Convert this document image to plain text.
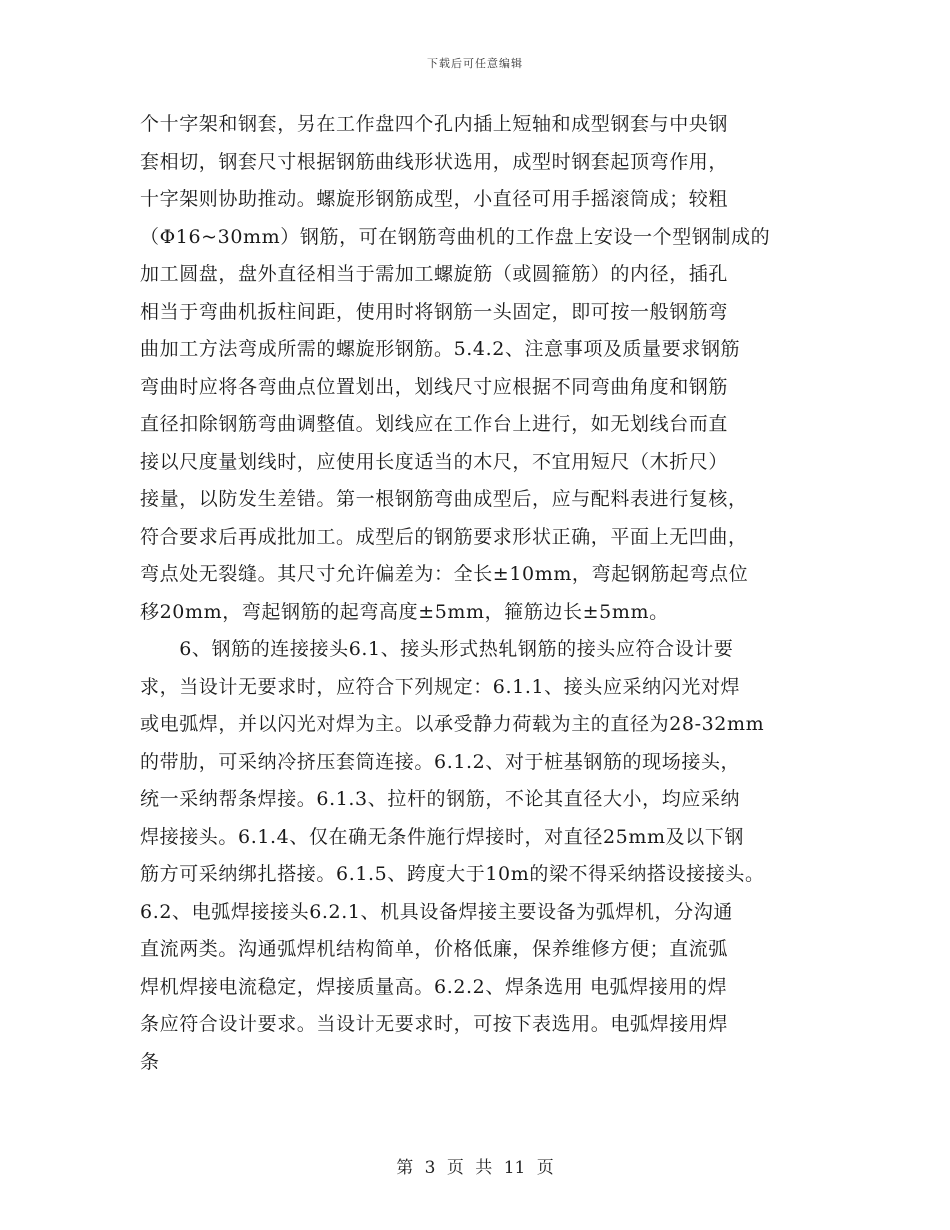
下载后可任意编辑
个十字架和钢套，另在工作盘四个孔内插上短轴和成型钢套与中央钢
套相切，钢套尺寸根据钢筋曲线形状选用，成型时钢套起顶弯作用，
十字架则协助推动。螺旋形钢筋成型，小直径可用手摇滚筒成；较粗
（Φ16~30mm）钢筋，可在钢筋弯曲机的工作盘上安设一个型钢制成的
加工圆盘，盘外直径相当于需加工螺旋筋（或圆箍筋）的内径，插孔
相当于弯曲机扳柱间距，使用时将钢筋一头固定，即可按一般钢筋弯
曲加工方法弯成所需的螺旋形钢筋。5.4.2、注意事项及质量要求钢筋
弯曲时应将各弯曲点位置划出，划线尺寸应根据不同弯曲角度和钢筋
直径扣除钢筋弯曲调整值。划线应在工作台上进行，如无划线台而直
接以尺度量划线时，应使用长度适当的木尺，不宜用短尺（木折尺）
接量，以防发生差错。第一根钢筋弯曲成型后，应与配料表进行复核，
符合要求后再成批加工。成型后的钢筋要求形状正确，平面上无凹曲，
弯点处无裂缝。其尺寸允许偏差为：全长±10mm，弯起钢筋起弯点位
移20mm，弯起钢筋的起弯高度±5mm，箍筋边长±5mm。
　　6、钢筋的连接接头6.1、接头形式热轧钢筋的接头应符合设计要
求，当设计无要求时，应符合下列规定：6.1.1、接头应采纳闪光对焊
或电弧焊，并以闪光对焊为主。以承受静力荷载为主的直径为28-32mm
的带肋，可采纳冷挤压套筒连接。6.1.2、对于桩基钢筋的现场接头，
统一采纳帮条焊接。6.1.3、拉杆的钢筋，不论其直径大小，均应采纳
焊接接头。6.1.4、仅在确无条件施行焊接时，对直径25mm及以下钢
筋方可采纳绑扎搭接。6.1.5、跨度大于10m的梁不得采纳搭设接接头。
6.2、电弧焊接接头6.2.1、机具设备焊接主要设备为弧焊机，分沟通
直流两类。沟通弧焊机结构简单，价格低廉，保养维修方便；直流弧
焊机焊接电流稳定，焊接质量高。6.2.2、焊条选用 电弧焊接用的焊
条应符合设计要求。当设计无要求时，可按下表选用。电弧焊接用焊
条
第 3 页 共 11 页
